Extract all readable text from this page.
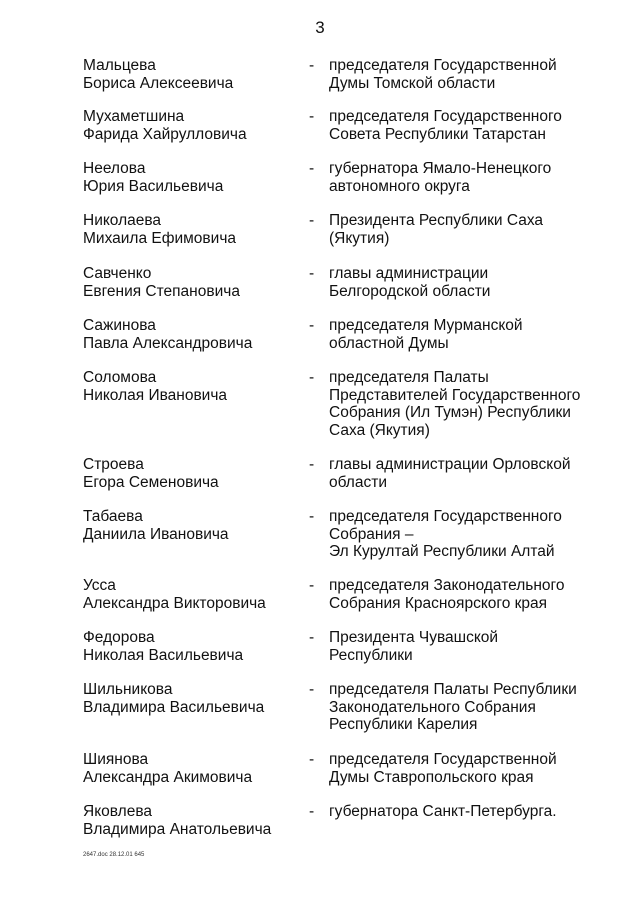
3
Мальцева
Бориса Алексеевича
- председателя Государственной
Думы Томской области
Мухаметшина
Фарида Хайрулловича
- председателя Государственного
Совета Республики Татарстан
Неелова
Юрия Васильевича
- губернатора Ямало-Ненецкого
автономного округа
Николаева
Михаила Ефимовича
- Президента Республики Саха
(Якутия)
Савченко
Евгения Степановича
- главы администрации
Белгородской области
Сажинова
Павла Александровича
- председателя Мурманской
областной Думы
Соломова
Николая Ивановича
- председателя Палаты
Представителей Государственного
Собрания (Ил Тумэн) Республики
Саха (Якутия)
Строева
Егора Семеновича
- главы администрации Орловской
области
Табаева
Даниила Ивановича
- председателя Государственного
Собрания –
Эл Курултай Республики Алтай
Усса
Александра Викторовича
- председателя Законодательного
Собрания Красноярского края
Федорова
Николая Васильевича
- Президента Чувашской
Республики
Шильникова
Владимира Васильевича
- председателя Палаты Республики
Законодательного Собрания
Республики Карелия
Шиянова
Александра Акимовича
- председателя Государственной
Думы Ставропольского края
Яковлева
Владимира Анатольевича
- губернатора Санкт-Петербурга.
2647.doc 28.12.01 645
